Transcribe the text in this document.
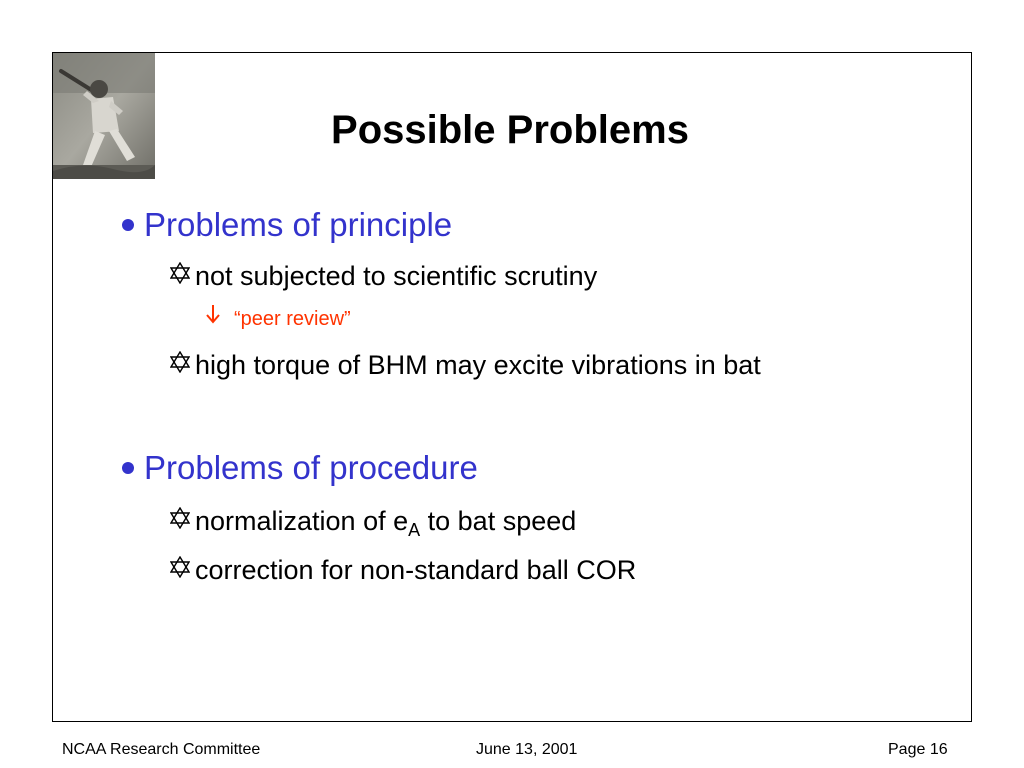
Possible Problems
Problems of principle
not subjected to scientific scrutiny
“peer review”
high torque of BHM may excite vibrations in bat
Problems of procedure
normalization of $e_A$ to bat speed
correction for non-standard ball COR
NCAA Research Committee	June 13, 2001	Page 16
